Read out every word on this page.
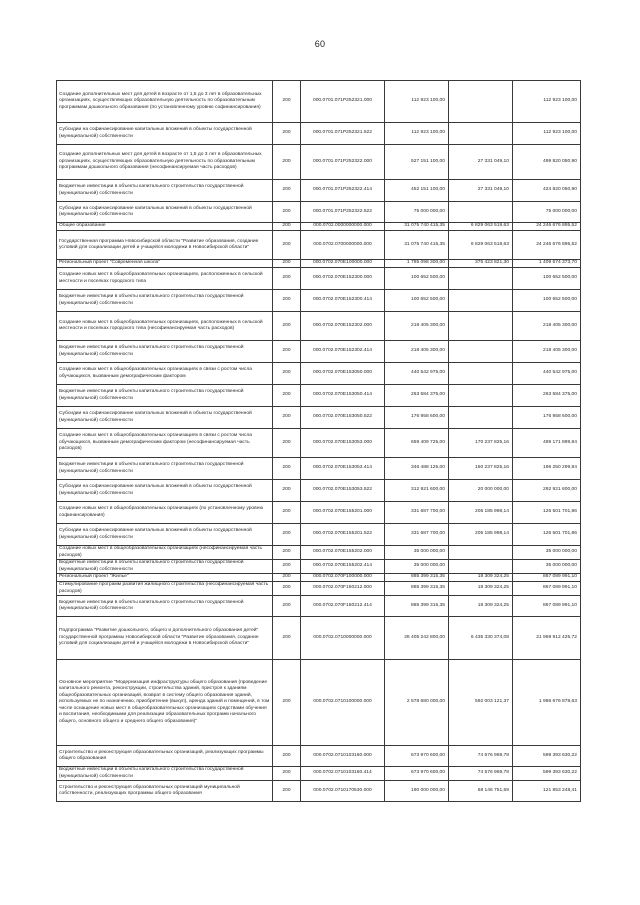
60
Создание дополнительных мест для детей в возрасте от 1,5 до 3 лет в образовательных организациях, осуществляющих образовательную деятельность по образовательным программам дошкольного образования (по установленному уровню софинансирования)	200	000.0701.071P252321.000	112 923 100,00		112 923 100,00
Субсидии на софинансирование капитальных вложений в объекты государственной (муниципальной) собственности	200	000.0701.071P252321.522	112 923 100,00		112 923 100,00
Создание дополнительных мест для детей в возрасте от 1,5 до 3 лет в образовательных организациях, осуществляющих образовательную деятельность по образовательным программам дошкольного образования (несофинансируемая часть расходов)	200	000.0701.071P252322.000	527 151 100,00	27 331 049,10	499 820 050,90
Бюджетные инвестиции в объекты капитального строительства государственной (муниципальной) собственности	200	000.0701.071P252322.414	452 151 100,00	27 331 049,10	424 820 050,90
Субсидии на софинансирование капитальных вложений в объекты государственной (муниципальной) собственности	200	000.0701.071P252322.522	75 000 000,00		75 000 000,00
Общее образование	200	000.0702.0000000000.000	31 075 740 415,35	6 829 063 519,63	24 246 676 895,52
Государственная программа Новосибирской области "Развитие образования, создание условий для социализации детей и учащейся молодежи в Новосибирской области"	200	000.0702.0700000000.000	31 075 740 415,35	6 829 063 519,63	24 246 676 895,52
Региональный проект "Современная школа"	200	000.0702.070E100000.000	1 785 098 300,00	375 423 821,30	1 409 674 373,70
Создание новых мест в общеобразовательных организациях, расположенных в сельской местности и поселках городского типа	200	000.0702.070E152300.000	100 652 500,00		100 652 500,00
Бюджетные инвестиции в объекты капитального строительства государственной (муниципальной) собственности	200	000.0702.070E152300.414	100 652 500,00		100 652 500,00
Создание новых мест в общеобразовательных организациях, расположенных в сельской местности и поселках городского типа (несофинансируемая часть расходов)	200	000.0702.070E152302.000	218 405 300,00		218 405 300,00
Бюджетные инвестиции в объекты капитального строительства государственной (муниципальной) собственности	200	000.0702.070E152302.414	218 405 300,00		218 405 300,00
Создание новых мест в общеобразовательных организациях в связи с ростом числа обучающихся, вызванным демографическим фактором	200	000.0702.070E153050.000	440 542 975,00		440 542 975,00
Бюджетные инвестиции в объекты капитального строительства государственной (муниципальной) собственности	200	000.0702.070E153050.414	263 584 375,00		263 584 375,00
Субсидии на софинансирование капитальных вложений в объекты государственной (муниципальной) собственности	200	000.0702.070E153050.522	176 958 600,00		176 958 600,00
Создание новых мест в общеобразовательных организациях в связи с ростом числа обучающихся, вызванным демографическим фактором (несофинансируемая часть расходов)	200	000.0702.070E153053.000	659 409 725,00	170 237 825,16	489 171 899,84
Бюджетные инвестиции в объекты капитального строительства государственной (муниципальной) собственности	200	000.0702.070E153053.414	346 488 125,00	150 237 825,16	196 250 299,84
Субсидии на софинансирование капитальных вложений в объекты государственной (муниципальной) собственности	200	000.0702.070E153053.522	312 921 600,00	20 000 000,00	292 921 600,00
Создание новых мест в общеобразовательных организациях (по установленному уровню софинансирования)	200	000.0702.070E155201.000	331 687 700,00	205 185 998,14	126 501 701,86
Субсидии на софинансирование капитальных вложений в объекты государственной (муниципальной) собственности	200	000.0702.070E155201.522	331 687 700,00	205 185 998,14	126 501 701,86
Создание новых мест в общеобразовательных организациях (несофинансируемая часть расходов)	200	000.0702.070E155202.000	35 000 000,00		35 000 000,00
Бюджетные инвестиции в объекты капитального строительства государственной (муниципальной) собственности	200	000.0702.070E155202.414	35 000 000,00		35 000 000,00
Региональный проект "Жилье"	200	000.0702.070F100000.000	885 399 315,35	18 309 324,25	867 089 991,10
Стимулирование программ развития жилищного строительства (несофинансируемая часть расходов)	200	000.0702.070F150212.000	885 399 315,35	18 309 324,25	867 089 991,10
Бюджетные инвестиции в объекты капитального строительства государственной (муниципальной) собственности	200	000.0702.070F150212.414	885 399 315,35	18 309 324,25	867 089 991,10
Подпрограмма "Развитие дошкольного, общего и дополнительного образования детей" государственной программы Новосибирской области "Развитие образования, создание условий для социализации детей и учащейся молодежи в Новосибирской области"	200	000.0702.0710000000.000	28 405 242 800,00	6 435 330 374,08	21 969 912 425,72
Основное мероприятие "Модернизация инфраструктуры общего образования (проведение капитального ремонта, реконструкции, строительства зданий, пристроя к зданиям общеобразовательных организаций, возврат в систему общего образования зданий, используемых не по назначению, приобретение (выкуп), аренда зданий и помещений, в том числе оснащение новых мест в общеобразовательных организациях средствами обучения и воспитания, необходимыми для реализации образовательных программ начального общего, основного общего и среднего общего образования)"	200	000.0702.0710100000.000	2 578 680 000,00	592 003 121,37	1 986 676 878,63
Строительство и реконструкция образовательных организаций, реализующих программы общего образования	200	000.0702.0710103160.000	673 970 600,00	74 576 969,78	599 393 630,22
Бюджетные инвестиции в объекты капитального строительства государственной (муниципальной) собственности	200	000.0702.0710103160.414	673 970 600,00	74 576 969,78	599 393 630,22
Строительство и реконструкция образовательных организаций муниципальной собственности, реализующих программы общего образования	200	000.0702.0710170530.000	190 000 000,00	68 146 751,59	121 853 248,41
